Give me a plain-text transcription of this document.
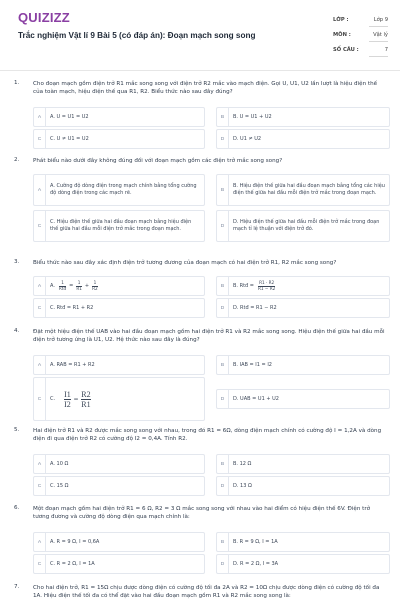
QUIZIZZ
Trắc nghiệm Vật lí 9 Bài 5 (có đáp án): Đoạn mạch song song
LỚP :	Lớp 9
MÔN :	Vật lý
SỐ CÂU :	7
1. Cho đoạn mạch gồm điện trở R1 mắc song song với điện trở R2 mắc vào mạch điện. Gọi U, U1, U2 lần lượt là hiệu điện thế của toàn mạch, hiệu điện thế qua R1, R2. Biểu thức nào sau đây đúng?
A	A. U = U1 = U2	B	B. U = U1 + U2
C	C. U ≠ U1 = U2	D	D. U1 ≠ U2
2. Phát biểu nào dưới đây không đúng đối với đoạn mạch gồm các điện trở mắc song song?
A
A. Cường độ dòng điện trong mạch chính bằng tổng cường độ dòng điện trong các mạch rẽ.	B
B. Hiệu điện thế giữa hai đầu đoạn mạch bằng tổng các hiệu điện thế giữa hai đầu mỗi điện trở mắc trong đoạn mạch.
C
C. Hiệu điện thế giữa hai đầu đoạn mạch bằng hiệu điện thế giữa hai đầu mỗi điện trở mắc trong đoạn mạch.	D
D. Hiệu điện thế giữa hai đầu mỗi điện trở mắc trong đoạn mạch tỉ lệ thuận với điện trở đó.
3. Biểu thức nào sau đây xác định điện trở tương đương của đoạn mạch có hai điện trở R1, R2 mắc song song?
A	A. $\frac{1}{\text{Rtđ}} = \frac{1}{R1} + \frac{1}{R2}$	B	B. Rtđ = $\frac{R1 \cdot R2}{R1 - R2}$
C	C. Rtđ = R1 + R2	D	D. Rtđ = R1 − R2
4. Đặt một hiệu điện thế UAB vào hai đầu đoạn mạch gồm hai điện trở R1 và R2 mắc song song. Hiệu điện thế giữa hai đầu mỗi điện trở tương ứng là U1, U2. Hệ thức nào sau đây là đúng?
A	A. RAB = R1 + R2	B	B. IAB = I1 = I2
C	C. I1
I2
=
R2
R1
D	D. UAB = U1 + U2
5. Hai điện trở R1 và R2 được mắc song song với nhau, trong đó R1 = 6Ω, dòng điện mạch chính có cường độ I = 1,2A và dòng điện đi qua điện trở R2 có cường độ I2 = 0,4A. Tính R2.
A	A. 10 Ω	B	B. 12 Ω
C	C. 15 Ω	D	D. 13 Ω
6. Một đoạn mạch gồm hai điện trở R1 = 6 Ω, R2 = 3 Ω mắc song song với nhau vào hai điểm có hiệu điện thế 6V. Điện trở tương đương và cường độ dòng điện qua mạch chính là:
A	A. R = 9 Ω, I = 0,6A	B	B. R = 9 Ω, I = 1A
C	C. R = 2 Ω, I = 1A	D	D. R = 2 Ω, I = 3A
7. Cho hai điện trở, R1 = 15Ω chịu được dòng điện có cường độ tối đa 2A và R2 = 10Ω chịu được dòng điện có cường độ tối đa 1A. Hiệu điện thế tối đa có thể đặt vào hai đầu đoạn mạch gồm R1 và R2 mắc song song là:
